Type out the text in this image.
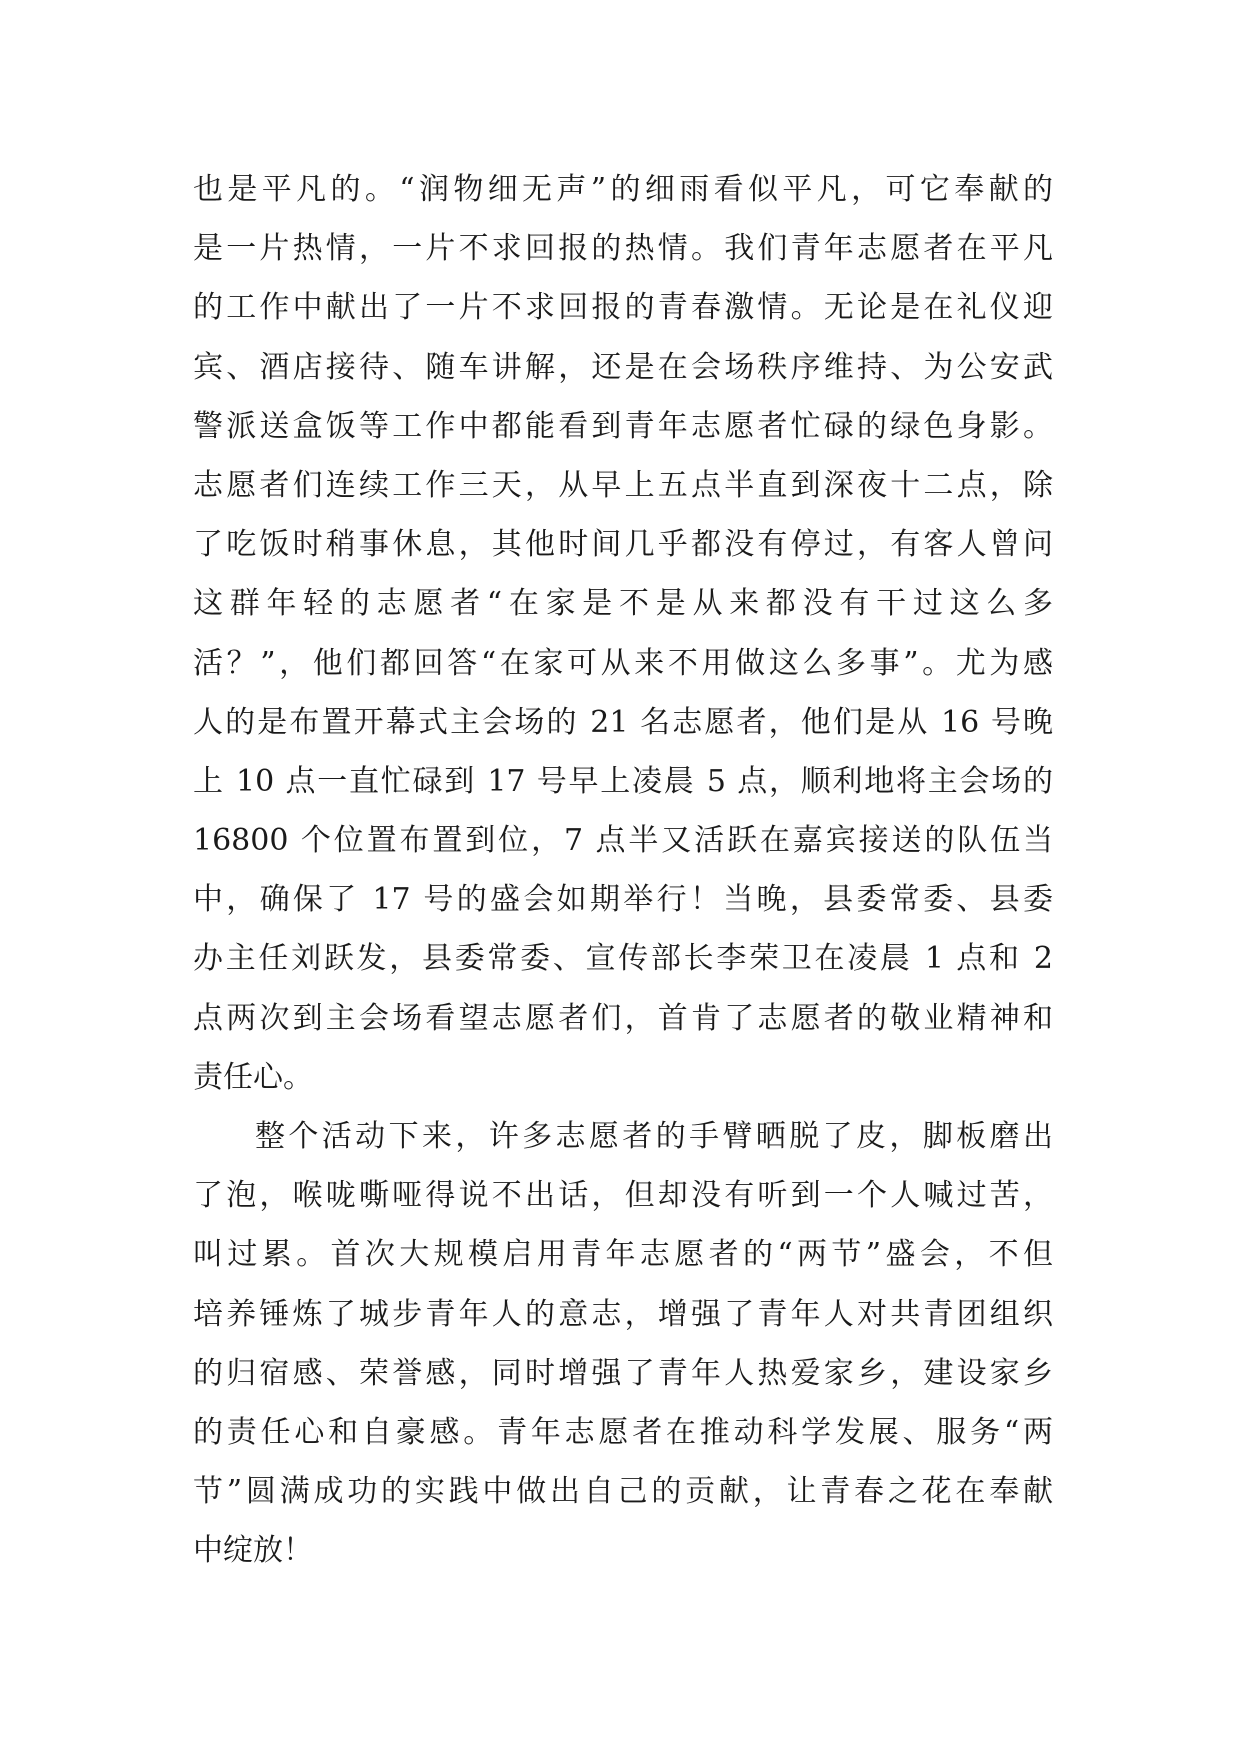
也是平凡的。“润物细无声”的细雨看似平凡，可它奉献的
是一片热情，一片不求回报的热情。我们青年志愿者在平凡
的工作中献出了一片不求回报的青春激情。无论是在礼仪迎
宾、酒店接待、随车讲解，还是在会场秩序维持、为公安武
警派送盒饭等工作中都能看到青年志愿者忙碌的绿色身影。
志愿者们连续工作三天，从早上五点半直到深夜十二点，除
了吃饭时稍事休息，其他时间几乎都没有停过，有客人曾问
这群年轻的志愿者“在家是不是从来都没有干过这么多
活？”，他们都回答“在家可从来不用做这么多事”。尤为感
人的是布置开幕式主会场的 21 名志愿者，他们是从 16 号晚
上 10 点一直忙碌到 17 号早上凌晨 5 点，顺利地将主会场的
16800 个位置布置到位，7 点半又活跃在嘉宾接送的队伍当
中，确保了 17 号的盛会如期举行！当晚，县委常委、县委
办主任刘跃发，县委常委、宣传部长李荣卫在凌晨 1 点和 2
点两次到主会场看望志愿者们，首肯了志愿者的敬业精神和
责任心。
整个活动下来，许多志愿者的手臂晒脱了皮，脚板磨出
了泡，喉咙嘶哑得说不出话，但却没有听到一个人喊过苦，
叫过累。首次大规模启用青年志愿者的“两节”盛会，不但
培养锤炼了城步青年人的意志，增强了青年人对共青团组织
的归宿感、荣誉感，同时增强了青年人热爱家乡，建设家乡
的责任心和自豪感。青年志愿者在推动科学发展、服务“两
节”圆满成功的实践中做出自己的贡献，让青春之花在奉献
中绽放！
